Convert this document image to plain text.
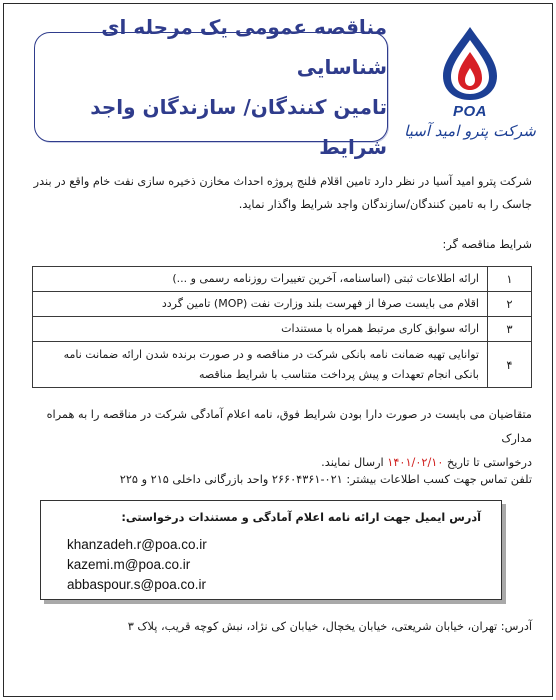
مناقصه عمومی یک مرحله ای شناسایی
تامین کنندگان/ سازندگان واجد شرایط
POA
شرکت پترو امید آسیا
شرکت پترو امید آسیا در نظر دارد تامین اقلام فلنج پروژه احداث مخازن ذخیره سازی نفت خام واقع در بندر جاسک را به تامین کنندگان/سازندگان واجد شرایط واگذار نماید.
شرایط مناقصه گر:
۱	ارائه اطلاعات ثبتی (اساسنامه، آخرین تغییرات روزنامه رسمی و ...)
۲	اقلام می بایست صرفا از فهرست بلند وزارت نفت (MOP) تامین گردد
۳	ارائه سوابق کاری مرتبط همراه با مستندات
۴	توانایی تهیه ضمانت نامه بانکی شرکت در مناقصه و در صورت برنده شدن ارائه ضمانت نامه بانکی انجام تعهدات و پیش پرداخت متناسب با شرایط مناقصه
متقاضیان می بایست در صورت دارا بودن شرایط فوق، نامه اعلام آمادگی شرکت در مناقصه را به همراه مدارک
درخواستی تا تاریخ ۱۴۰۱/۰۲/۱۰ ارسال نمایند.
تلفن تماس جهت کسب اطلاعات بیشتر: ۰۲۱-۲۶۶۰۴۳۶۱ واحد بازرگانی داخلی ۲۱۵ و ۲۲۵
آدرس ایمیل جهت ارائه نامه اعلام آمادگی و مستندات درخواستی:
khanzadeh.r@poa.co.ir
kazemi.m@poa.co.ir
abbaspour.s@poa.co.ir
آدرس: تهران، خیابان شریعتی، خیابان یخچال، خیابان کی نژاد، نبش کوچه قریب، پلاک ۳
